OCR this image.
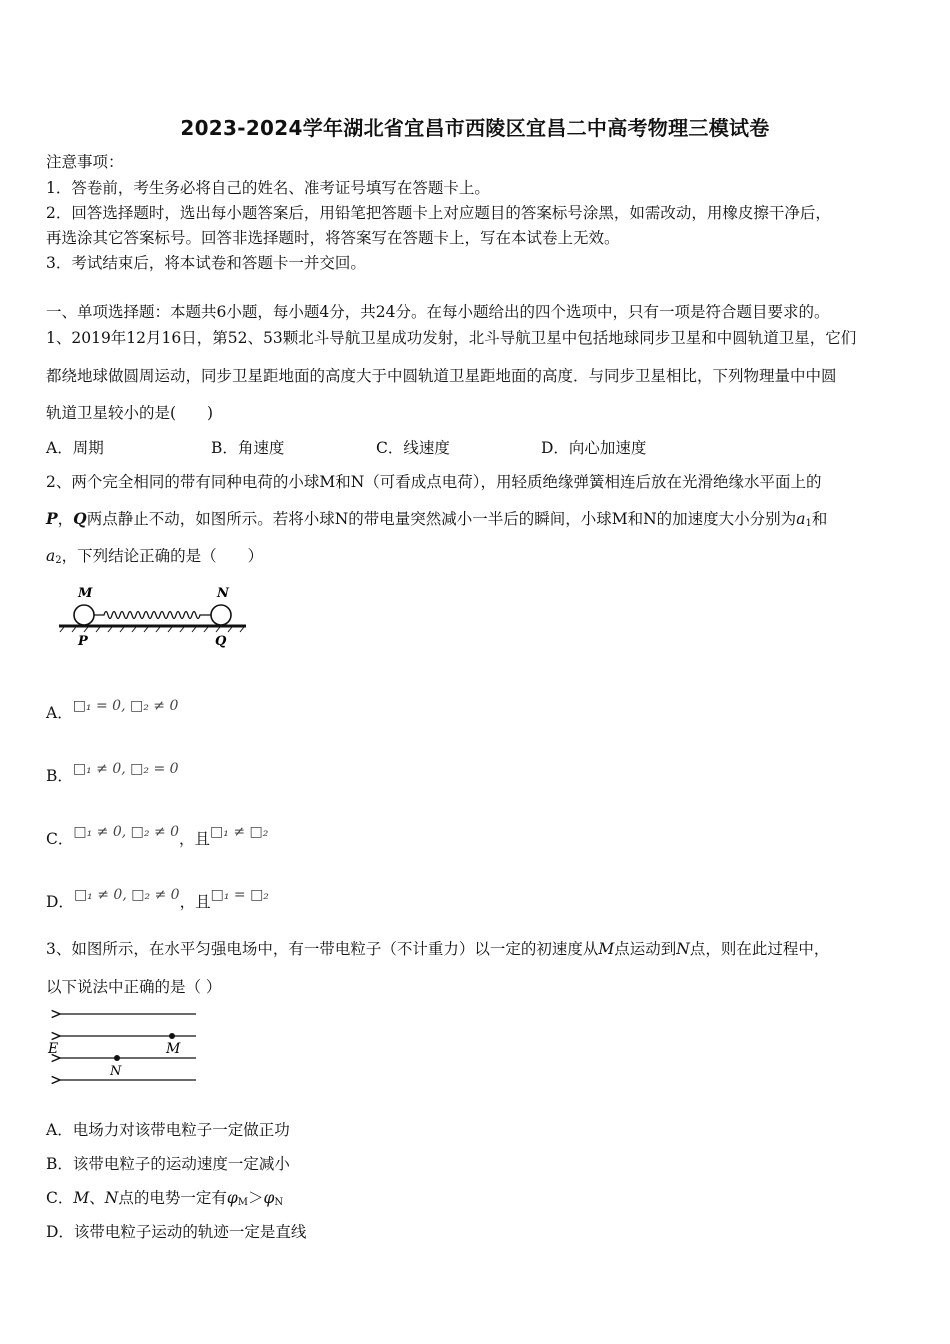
2023-2024学年湖北省宜昌市西陵区宜昌二中高考物理三模试卷
注意事项：
1．答卷前，考生务必将自己的姓名、准考证号填写在答题卡上。
2．回答选择题时，选出每小题答案后，用铅笔把答题卡上对应题目的答案标号涂黑，如需改动，用橡皮擦干净后，
再选涂其它答案标号。回答非选择题时，将答案写在答题卡上，写在本试卷上无效。
3．考试结束后，将本试卷和答题卡一并交回。
一、单项选择题：本题共6小题，每小题4分，共24分。在每小题给出的四个选项中，只有一项是符合题目要求的。
1、2019年12月16日，第52、53颗北斗导航卫星成功发射，北斗导航卫星中包括地球同步卫星和中圆轨道卫星，它们
都绕地球做圆周运动，同步卫星距地面的高度大于中圆轨道卫星距地面的高度．与同步卫星相比，下列物理量中中圆
轨道卫星较小的是(　　)
A．周期	B．角速度	C．线速度	D．向心加速度
2、两个完全相同的带有同种电荷的小球M和N（可看成点电荷），用轻质绝缘弹簧相连后放在光滑绝缘水平面上的
P，Q两点静止不动，如图所示。若将小球N的带电量突然减小一半后的瞬间，小球M和N的加速度大小分别为$a_1$和
$a_2$，下列结论正确的是（　　）
M	N
P	Q
A．□₁ = 0, □₂ ≠ 0
B．□₁ ≠ 0, □₂ = 0
C．□₁ ≠ 0, □₂ ≠ 0，且□₁ ≠ □₂
D．□₁ ≠ 0, □₂ ≠ 0，且□₁ = □₂
3、如图所示，在水平匀强电场中，有一带电粒子（不计重力）以一定的初速度从M点运动到N点，则在此过程中，
以下说法中正确的是（ ）
E	M
N
A．电场力对该带电粒子一定做正功
B．该带电粒子的运动速度一定减小
C．M、N点的电势一定有$\varphi_M>\varphi_N$
D．该带电粒子运动的轨迹一定是直线
